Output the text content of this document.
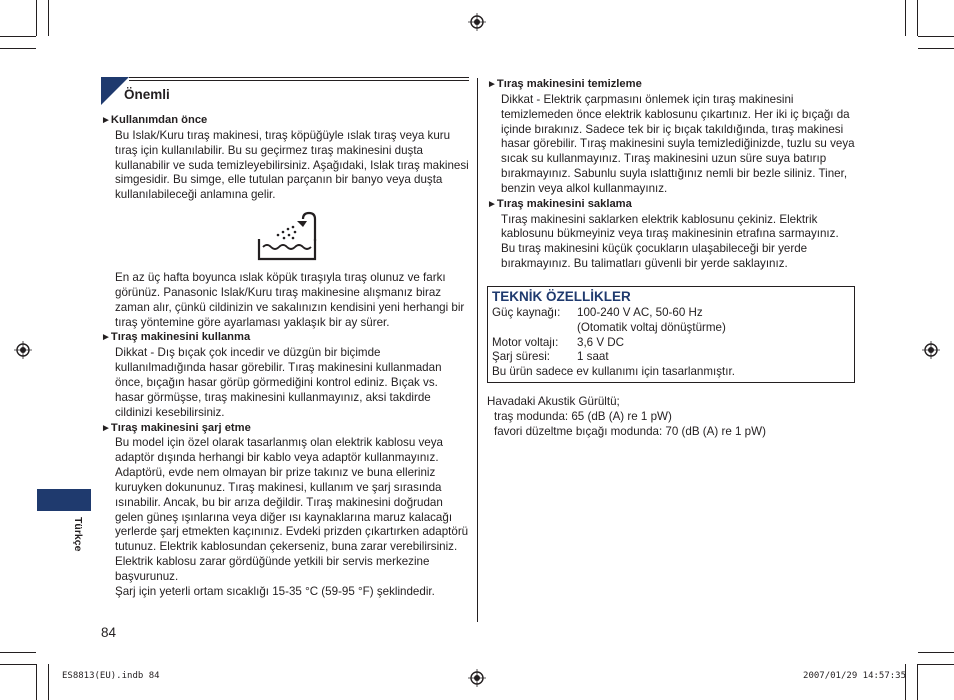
Önemli
► Kullanımdan önce
Bu Islak/Kuru tıraş makinesi, tıraş köpüğüyle ıslak tıraş veya kuru tıraş için kullanılabilir. Bu su geçirmez tıraş makinesini duşta kullanabilir ve suda temizleyebilirsiniz. Aşağıdaki, Islak tıraş makinesi simgesidir. Bu simge, elle tutulan parçanın bir banyo veya duşta kullanılabileceği anlamına gelir.
En az üç hafta boyunca ıslak köpük tıraşıyla tıraş olunuz ve farkı görünüz. Panasonic Islak/Kuru tıraş makinesine alışmanız biraz zaman alır, çünkü cildinizin ve sakalınızın kendisini yeni herhangi bir tıraş yöntemine göre ayarlaması yaklaşık bir ay sürer.
► Tıraş makinesini kullanma
Dikkat - Dış bıçak çok incedir ve düzgün bir biçimde kullanılmadığında hasar görebilir. Tıraş makinesini kullanmadan önce, bıçağın hasar görüp görmediğini kontrol ediniz. Bıçak vs. hasar görmüşse, tıraş makinesini kullanmayınız, aksi takdirde cildinizi kesebilirsiniz.
► Tıraş makinesini şarj etme
Bu model için özel olarak tasarlanmış olan elektrik kablosu veya adaptör dışında herhangi bir kablo veya adaptör kullanmayınız. Adaptörü, evde nem olmayan bir prize takınız ve buna elleriniz kuruyken dokununuz. Tıraş makinesi, kullanım ve şarj sırasında ısınabilir. Ancak, bu bir arıza değildir. Tıraş makinesini doğrudan gelen güneş ışınlarına veya diğer ısı kaynaklarına maruz kalacağı yerlerde şarj etmekten kaçınınız. Evdeki prizden çıkartırken adaptörü tutunuz. Elektrik kablosundan çekerseniz, buna zarar verebilirsiniz. Elektrik kablosu zarar gördüğünde yetkili bir servis merkezine başvurunuz.
Şarj için yeterli ortam sıcaklığı 15-35 °C (59-95 °F) şeklindedir.
► Tıraş makinesini temizleme
Dikkat - Elektrik çarpmasını önlemek için tıraş makinesini temizlemeden önce elektrik kablosunu çıkartınız. Her iki iç bıçağı da içinde bırakınız. Sadece tek bir iç bıçak takıldığında, tıraş makinesi hasar görebilir. Tıraş makinesini suyla temizlediğinizde, tuzlu su veya sıcak su kullanmayınız. Tıraş makinesini uzun süre suya batırıp bırakmayınız. Sabunlu suyla ıslattığınız nemli bir bezle siliniz. Tiner, benzin veya alkol kullanmayınız.
► Tıraş makinesini saklama
Tıraş makinesini saklarken elektrik kablosunu çekiniz. Elektrik kablosunu bükmeyiniz veya tıraş makinesinin etrafına sarmayınız. Bu tıraş makinesini küçük çocukların ulaşabileceği bir yerde bırakmayınız. Bu talimatları güvenli bir yerde saklayınız.
TEKNİK ÖZELLİKLER
Güç kaynağı:	100-240 V AC, 50-60 Hz
(Otomatik voltaj dönüştürme)
Motor voltajı:	3,6 V DC
Şarj süresi:	1 saat
Bu ürün sadece ev kullanımı için tasarlanmıştır.
Havadaki Akustik Gürültü;
traş modunda: 65 (dB (A) re 1 pW)
favori düzeltme bıçağı modunda: 70 (dB (A) re 1 pW)
Türkçe
84
ES8813(EU).indb 84	2007/01/29 14:57:35
